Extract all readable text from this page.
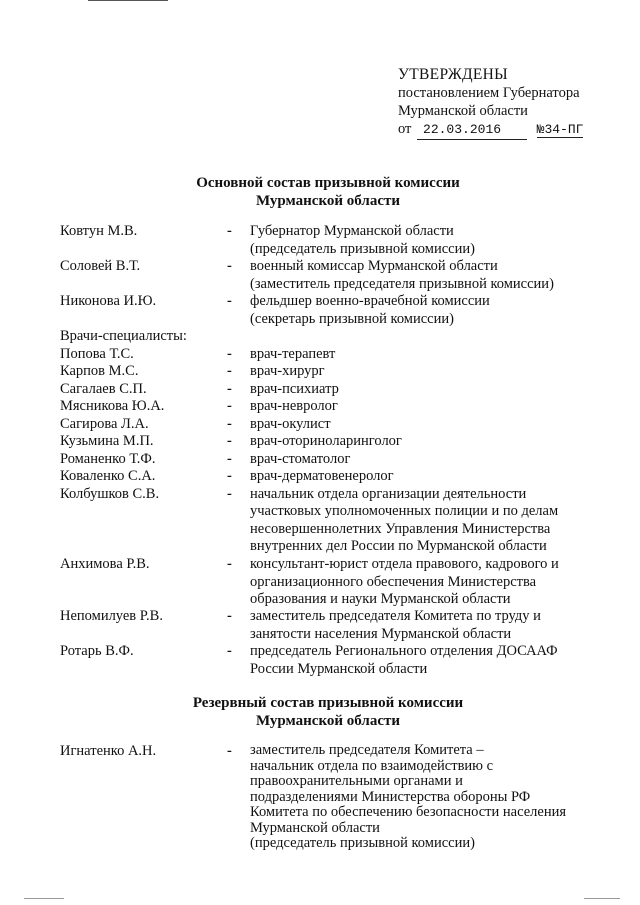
УТВЕРЖДЕНЫ
постановлением Губернатора
Мурманской области
от 22.03.2016	№34-ПГ
Основной состав призывной комиссии
Мурманской области
Ковтун М.В.	- Губернатор Мурманской области
(председатель призывной комиссии)
Соловей В.Т.	- военный комиссар Мурманской области
(заместитель председателя призывной комиссии)
Никонова И.Ю.	- фельдшер военно-врачебной комиссии
(секретарь призывной комиссии)
Врачи-специалисты:
Попова Т.С.	- врач-терапевт
Карпов М.С.	- врач-хирург
Сагалаев С.П.	- врач-психиатр
Мясникова Ю.А.	- врач-невролог
Сагирова Л.А.	- врач-окулист
Кузьмина М.П.	- врач-оториноларинголог
Романенко Т.Ф.	- врач-стоматолог
Коваленко С.А.	- врач-дерматовенеролог
Колбушков С.В.	- начальник отдела организации деятельности
участковых уполномоченных полиции и по делам
несовершеннолетних Управления Министерства
внутренних дел России по Мурманской области
Анхимова Р.В.	- консультант-юрист отдела правового, кадрового и
организационного обеспечения Министерства
образования и науки Мурманской области
Непомилуев Р.В.	- заместитель председателя Комитета по труду и
занятости населения Мурманской области
Ротарь В.Ф.	- председатель Регионального отделения ДОСААФ
России Мурманской области
Резервный состав призывной комиссии
Мурманской области
Игнатенко А.Н.	- заместитель председателя Комитета –
начальник отдела по взаимодействию с
правоохранительными органами и
подразделениями Министерства обороны РФ
Комитета по обеспечению безопасности населения
Мурманской области
(председатель призывной комиссии)
